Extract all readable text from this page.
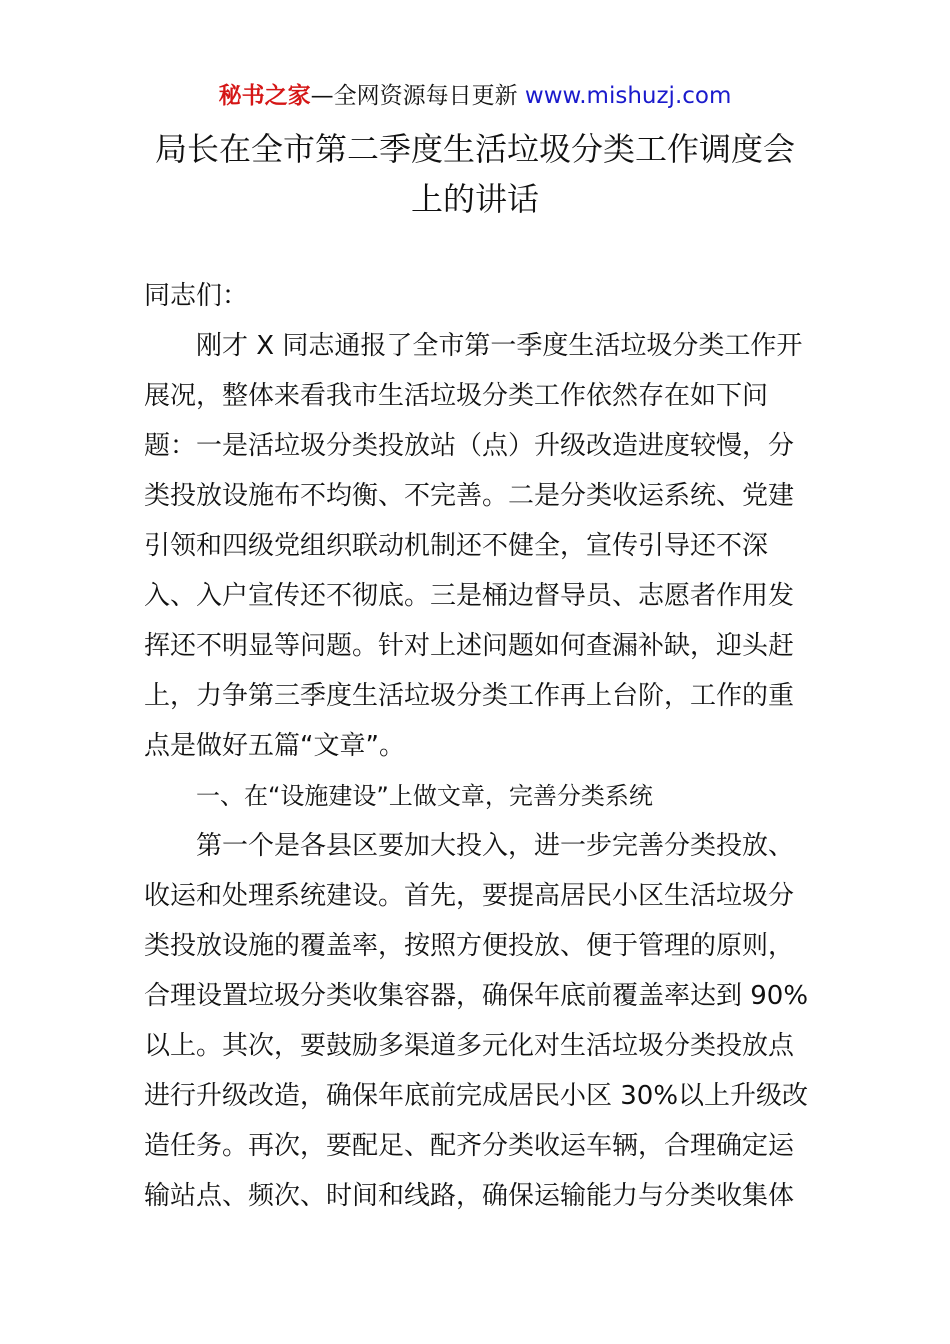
秘书之家—全网资源每日更新 www.mishuzj.com
局长在全市第二季度生活垃圾分类工作调度会
上的讲话
同志们：
刚才 X 同志通报了全市第一季度生活垃圾分类工作开
展况，整体来看我市生活垃圾分类工作依然存在如下问
题：一是活垃圾分类投放站（点）升级改造进度较慢，分
类投放设施布不均衡、不完善。二是分类收运系统、党建
引领和四级党组织联动机制还不健全，宣传引导还不深
入、入户宣传还不彻底。三是桶边督导员、志愿者作用发
挥还不明显等问题。针对上述问题如何查漏补缺，迎头赶
上，力争第三季度生活垃圾分类工作再上台阶，工作的重
点是做好五篇“文章”。
一、在“设施建设”上做文章，完善分类系统
第一个是各县区要加大投入，进一步完善分类投放、
收运和处理系统建设。首先，要提高居民小区生活垃圾分
类投放设施的覆盖率，按照方便投放、便于管理的原则，
合理设置垃圾分类收集容器，确保年底前覆盖率达到 90%
以上。其次，要鼓励多渠道多元化对生活垃圾分类投放点
进行升级改造，确保年底前完成居民小区 30%以上升级改
造任务。再次，要配足、配齐分类收运车辆，合理确定运
输站点、频次、时间和线路，确保运输能力与分类收集体
